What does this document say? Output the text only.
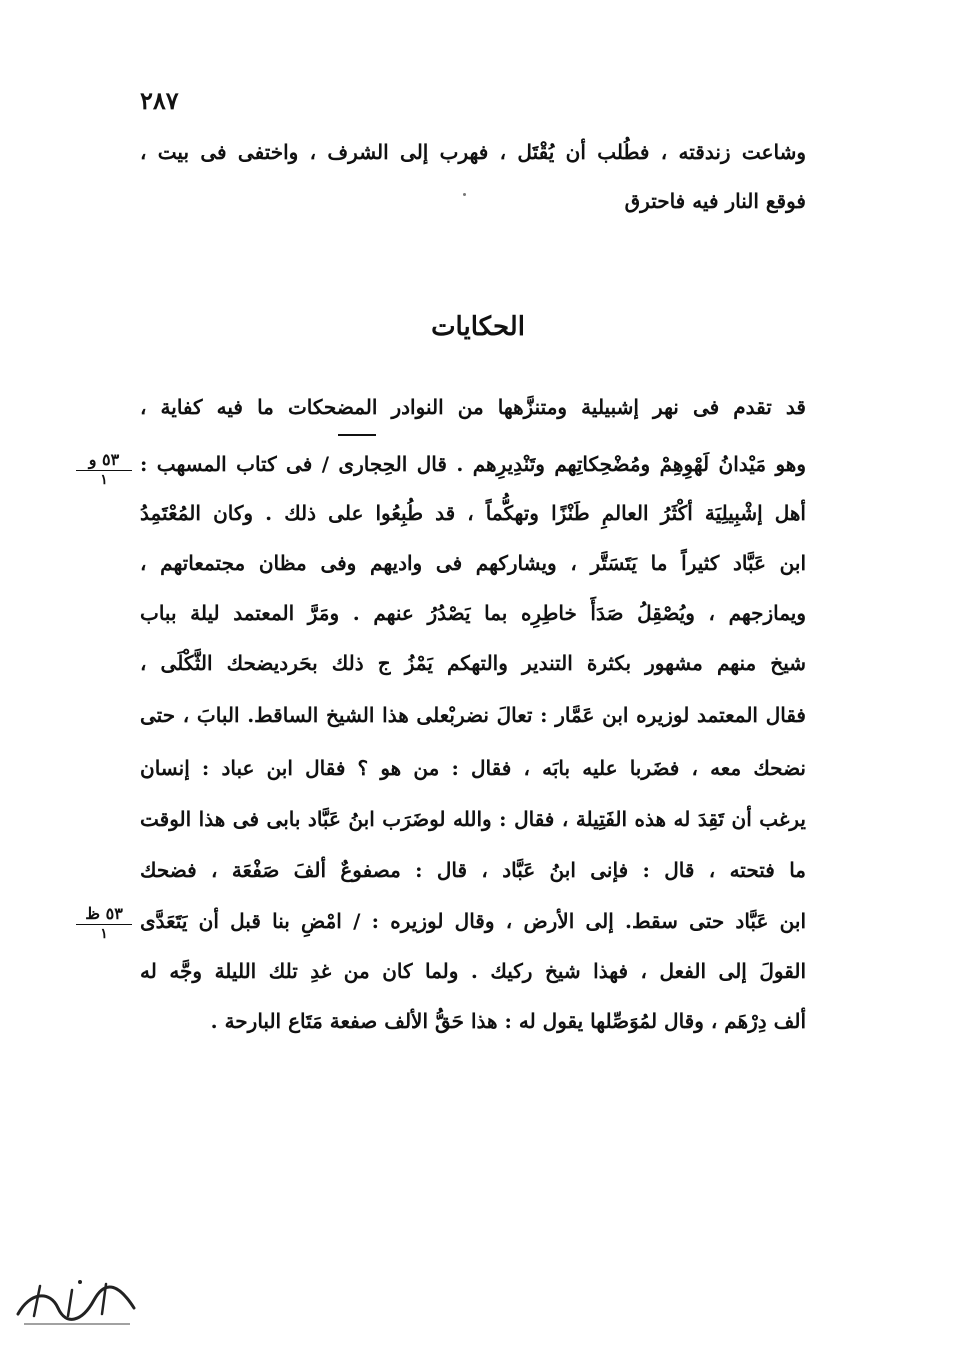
٢٨٧
وشاعت زندقته ، فطُلب أن يُقْتَل ، فهرب إلى الشرف ، واختفى فى بيت ،
فوقع النار فيه فاحترق
الحكايات
قد تقدم فى نهر إشبيلية ومتنزَّهها من النوادر المضحكات ما فيه كفاية ،
وهو مَيْدانُ لَهْوِهِمْ ومُضْحِكاتِهم وتَنْدِيرِهم . قال الحِجارى / فى كتاب المسهب :
أهل إشْبِيلِيَة أكْثَرُ العالمِ طَنْزًا وتهكُّماً ، قد طُبِعُوا على ذلك . وكان المُعْتَمِدُ
ابن عَبَّاد كثيراً ما يَتَسَتَّر ، ويشاركهم فى واديهم وفى مظان مجتمعاتهم ،
ويمازجهم ، ويُصْقِلُ صَدَأَ خاطِرِه بما يَصْدُرُ عنهم . ومَرَّ المعتمد ليلة بباب
شيخ منهم مشهور بكثرة التندير والتهكم يَمْزُ ج ذلك بحَرديضحك الثَّكْلَى ،
فقال المعتمد لوزيره ابن عَمَّار : تعالَ نضربْعلى هذا الشيخ الساقط. البابَ ، حتى
نضحك معه ، فضَربا عليه بابَه ، فقال : من هو ؟ فقال ابن عباد : إنسان
يرغب أن تَقِدَ له هذه الفَتِيلة ، فقال : والله لوضَرَب ابنُ عَبَّاد بابى فى هذا الوقت
ما فتحته ، قال : فإنى ابنُ عَبَّاد ، قال : مصفوعٌ ألفَ صَفْعَة ، فضحك
ابن عَبَّاد حتى سقط. إلى الأرض ، وقال لوزيره : / امْضِ بنا قبل أن يَتَعَدَّى
القولَ إلى الفعل ، فهذا شيخ ركيك . ولما كان من غدِ تلك الليلة وجَّه له
ألف دِرْهَم ، وقال لمُوَصِّلها يقول له : هذا حَقُّ الألف صفعة مَتَاع البارحة .
٥٣ و
١
٥٣ ظ
١
